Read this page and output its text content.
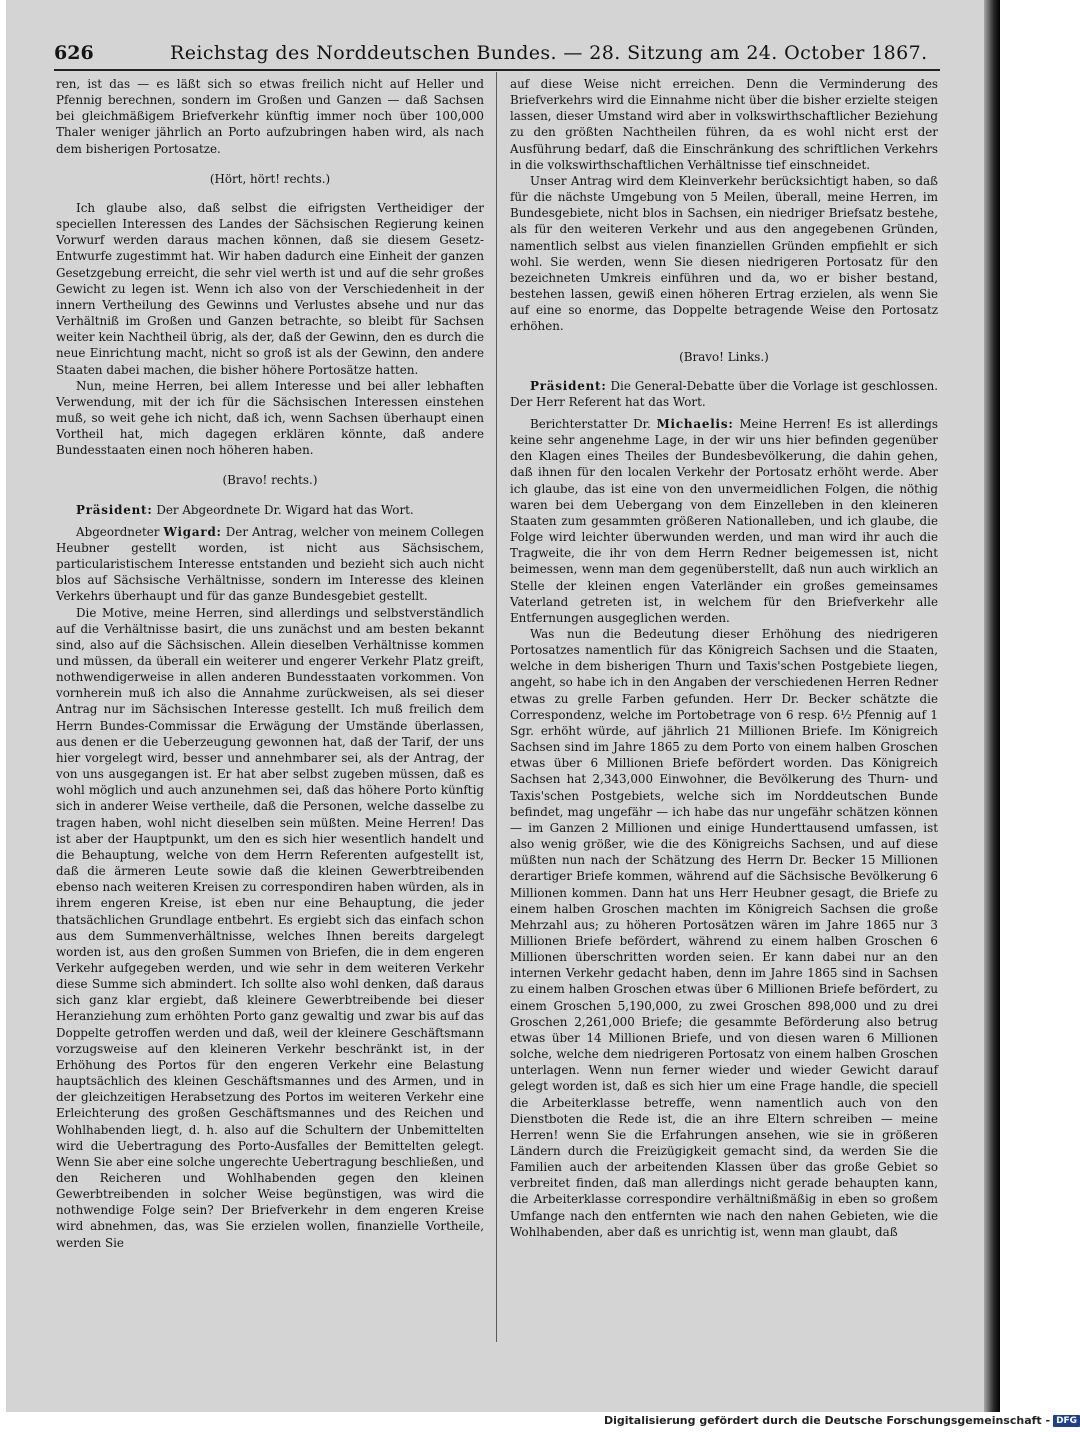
626	Reichstag des Norddeutschen Bundes. — 28. Sitzung am 24. October 1867.

ren, ist das — es läßt sich so etwas freilich nicht auf Heller und Pfennig berechnen, sondern im Großen und Ganzen — daß Sachsen bei gleichmäßigem Briefverkehr künftig immer noch über 100,000 Thaler weniger jährlich an Porto aufzubringen haben wird, als nach dem bisherigen Portosatze.

(Hört, hört! rechts.)

Ich glaube also, daß selbst die eifrigsten Vertheidiger der speciellen Interessen des Landes der Sächsischen Regierung keinen Vorwurf werden daraus machen können, daß sie diesem Gesetz-Entwurfe zugestimmt hat. Wir haben dadurch eine Einheit der ganzen Gesetzgebung erreicht, die sehr viel werth ist und auf die sehr großes Gewicht zu legen ist. Wenn ich also von der Verschiedenheit in der innern Vertheilung des Gewinns und Verlustes absehe und nur das Verhältniß im Großen und Ganzen betrachte, so bleibt für Sachsen weiter kein Nachtheil übrig, als der, daß der Gewinn, den es durch die neue Einrichtung macht, nicht so groß ist als der Gewinn, den andere Staaten dabei machen, die bisher höhere Portosätze hatten.

Nun, meine Herren, bei allem Interesse und bei aller lebhaften Verwendung, mit der ich für die Sächsischen Interessen einstehen muß, so weit gehe ich nicht, daß ich, wenn Sachsen überhaupt einen Vortheil hat, mich dagegen erklären könnte, daß andere Bundesstaaten einen noch höheren haben.

(Bravo! rechts.)

Präsident: Der Abgeordnete Dr. Wigard hat das Wort.

Abgeordneter Wigard: Der Antrag, welcher von meinem Collegen Heubner gestellt worden, ist nicht aus Sächsischem, particularistischem Interesse entstanden und bezieht sich auch nicht blos auf Sächsische Verhältnisse, sondern im Interesse des kleinen Verkehrs überhaupt und für das ganze Bundesgebiet gestellt.

Die Motive, meine Herren, sind allerdings und selbstverständlich auf die Verhältnisse basirt, die uns zunächst und am besten bekannt sind, also auf die Sächsischen. Allein dieselben Verhältnisse kommen und müssen, da überall ein weiterer und engerer Verkehr Platz greift, nothwendigerweise in allen anderen Bundesstaaten vorkommen. Von vornherein muß ich also die Annahme zurückweisen, als sei dieser Antrag nur im Sächsischen Interesse gestellt. Ich muß freilich dem Herrn Bundes-Commissar die Erwägung der Umstände überlassen, aus denen er die Ueberzeugung gewonnen hat, daß der Tarif, der uns hier vorgelegt wird, besser und annehmbarer sei, als der Antrag, der von uns ausgegangen ist. Er hat aber selbst zugeben müssen, daß es wohl möglich und auch anzunehmen sei, daß das höhere Porto künftig sich in anderer Weise vertheile, daß die Personen, welche dasselbe zu tragen haben, wohl nicht dieselben sein müßten. Meine Herren! Das ist aber der Hauptpunkt, um den es sich hier wesentlich handelt und die Behauptung, welche von dem Herrn Referenten aufgestellt ist, daß die ärmeren Leute sowie daß die kleinen Gewerbtreibenden ebenso nach weiteren Kreisen zu correspondiren haben würden, als in ihrem engeren Kreise, ist eben nur eine Behauptung, die jeder thatsächlichen Grundlage entbehrt. Es ergiebt sich das einfach schon aus dem Summenverhältnisse, welches Ihnen bereits dargelegt worden ist, aus den großen Summen von Briefen, die in dem engeren Verkehr aufgegeben werden, und wie sehr in dem weiteren Verkehr diese Summe sich abmindert. Ich sollte also wohl denken, daß daraus sich ganz klar ergiebt, daß kleinere Gewerbtreibende bei dieser Heranziehung zum erhöhten Porto ganz gewaltig und zwar bis auf das Doppelte getroffen werden und daß, weil der kleinere Geschäftsmann vorzugsweise auf den kleineren Verkehr beschränkt ist, in der Erhöhung des Portos für den engeren Verkehr eine Belastung hauptsächlich des kleinen Geschäftsmannes und des Armen, und in der gleichzeitigen Herabsetzung des Portos im weiteren Verkehr eine Erleichterung des großen Geschäftsmannes und des Reichen und Wohlhabenden liegt, d. h. also auf die Schultern der Unbemittelten wird die Uebertragung des Porto-Ausfalles der Bemittelten gelegt. Wenn Sie aber eine solche ungerechte Uebertragung beschließen, und den Reicheren und Wohlhabenden gegen den kleinen Gewerbtreibenden in solcher Weise begünstigen, was wird die nothwendige Folge sein? Der Briefverkehr in dem engeren Kreise wird abnehmen, das, was Sie erzielen wollen, finanzielle Vortheile, werden Sie

auf diese Weise nicht erreichen. Denn die Verminderung des Briefverkehrs wird die Einnahme nicht über die bisher erzielte steigen lassen, dieser Umstand wird aber in volkswirthschaftlicher Beziehung zu den größten Nachtheilen führen, da es wohl nicht erst der Ausführung bedarf, daß die Einschränkung des schriftlichen Verkehrs in die volkswirthschaftlichen Verhältnisse tief einschneidet.

Unser Antrag wird dem Kleinverkehr berücksichtigt haben, so daß für die nächste Umgebung von 5 Meilen, überall, meine Herren, im Bundesgebiete, nicht blos in Sachsen, ein niedriger Briefsatz bestehe, als für den weiteren Verkehr und aus den angegebenen Gründen, namentlich selbst aus vielen finanziellen Gründen empfiehlt er sich wohl. Sie werden, wenn Sie diesen niedrigeren Portosatz für den bezeichneten Umkreis einführen und da, wo er bisher bestand, bestehen lassen, gewiß einen höheren Ertrag erzielen, als wenn Sie auf eine so enorme, das Doppelte betragende Weise den Portosatz erhöhen.

(Bravo! Links.)

Präsident: Die General-Debatte über die Vorlage ist geschlossen. Der Herr Referent hat das Wort.

Berichterstatter Dr. Michaelis: Meine Herren! Es ist allerdings keine sehr angenehme Lage, in der wir uns hier befinden gegenüber den Klagen eines Theiles der Bundesbevölkerung, die dahin gehen, daß ihnen für den localen Verkehr der Portosatz erhöht werde. Aber ich glaube, das ist eine von den unvermeidlichen Folgen, die nöthig waren bei dem Uebergang von dem Einzelleben in den kleineren Staaten zum gesammten größeren Nationalleben, und ich glaube, die Folge wird leichter überwunden werden, und man wird ihr auch die Tragweite, die ihr von dem Herrn Redner beigemessen ist, nicht beimessen, wenn man dem gegenüberstellt, daß nun auch wirklich an Stelle der kleinen engen Vaterländer ein großes gemeinsames Vaterland getreten ist, in welchem für den Briefverkehr alle Entfernungen ausgeglichen werden.

Was nun die Bedeutung dieser Erhöhung des niedrigeren Portosatzes namentlich für das Königreich Sachsen und die Staaten, welche in dem bisherigen Thurn und Taxis'schen Postgebiete liegen, angeht, so habe ich in den Angaben der verschiedenen Herren Redner etwas zu grelle Farben gefunden. Herr Dr. Becker schätzte die Correspondenz, welche im Portobetrage von 6 resp. 6½ Pfennig auf 1 Sgr. erhöht würde, auf jährlich 21 Millionen Briefe. Im Königreich Sachsen sind im Jahre 1865 zu dem Porto von einem halben Groschen etwas über 6 Millionen Briefe befördert worden. Das Königreich Sachsen hat 2,343,000 Einwohner, die Bevölkerung des Thurn- und Taxis'schen Postgebiets, welche sich im Norddeutschen Bunde befindet, mag ungefähr — ich habe das nur ungefähr schätzen können — im Ganzen 2 Millionen und einige Hunderttausend umfassen, ist also wenig größer, wie die des Königreichs Sachsen, und auf diese müßten nun nach der Schätzung des Herrn Dr. Becker 15 Millionen derartiger Briefe kommen, während auf die Sächsische Bevölkerung 6 Millionen kommen. Dann hat uns Herr Heubner gesagt, die Briefe zu einem halben Groschen machten im Königreich Sachsen die große Mehrzahl aus; zu höheren Portosätzen wären im Jahre 1865 nur 3 Millionen Briefe befördert, während zu einem halben Groschen 6 Millionen überschritten worden seien. Er kann dabei nur an den internen Verkehr gedacht haben, denn im Jahre 1865 sind in Sachsen zu einem halben Groschen etwas über 6 Millionen Briefe befördert, zu einem Groschen 5,190,000, zu zwei Groschen 898,000 und zu drei Groschen 2,261,000 Briefe; die gesammte Beförderung also betrug etwas über 14 Millionen Briefe, und von diesen waren 6 Millionen solche, welche dem niedrigeren Portosatz von einem halben Groschen unterlagen. Wenn nun ferner wieder und wieder Gewicht darauf gelegt worden ist, daß es sich hier um eine Frage handle, die speciell die Arbeiterklasse betreffe, wenn namentlich auch von den Dienstboten die Rede ist, die an ihre Eltern schreiben — meine Herren! wenn Sie die Erfahrungen ansehen, wie sie in größeren Ländern durch die Freizügigkeit gemacht sind, da werden Sie die Familien auch der arbeitenden Klassen über das große Gebiet so verbreitet finden, daß man allerdings nicht gerade behaupten kann, die Arbeiterklasse correspondire verhältnißmäßig in eben so großem Umfange nach den entfernten wie nach den nahen Gebieten, wie die Wohlhabenden, aber daß es unrichtig ist, wenn man glaubt, daß

Digitalisierung gefördert durch die Deutsche Forschungsgemeinschaft - DFG
